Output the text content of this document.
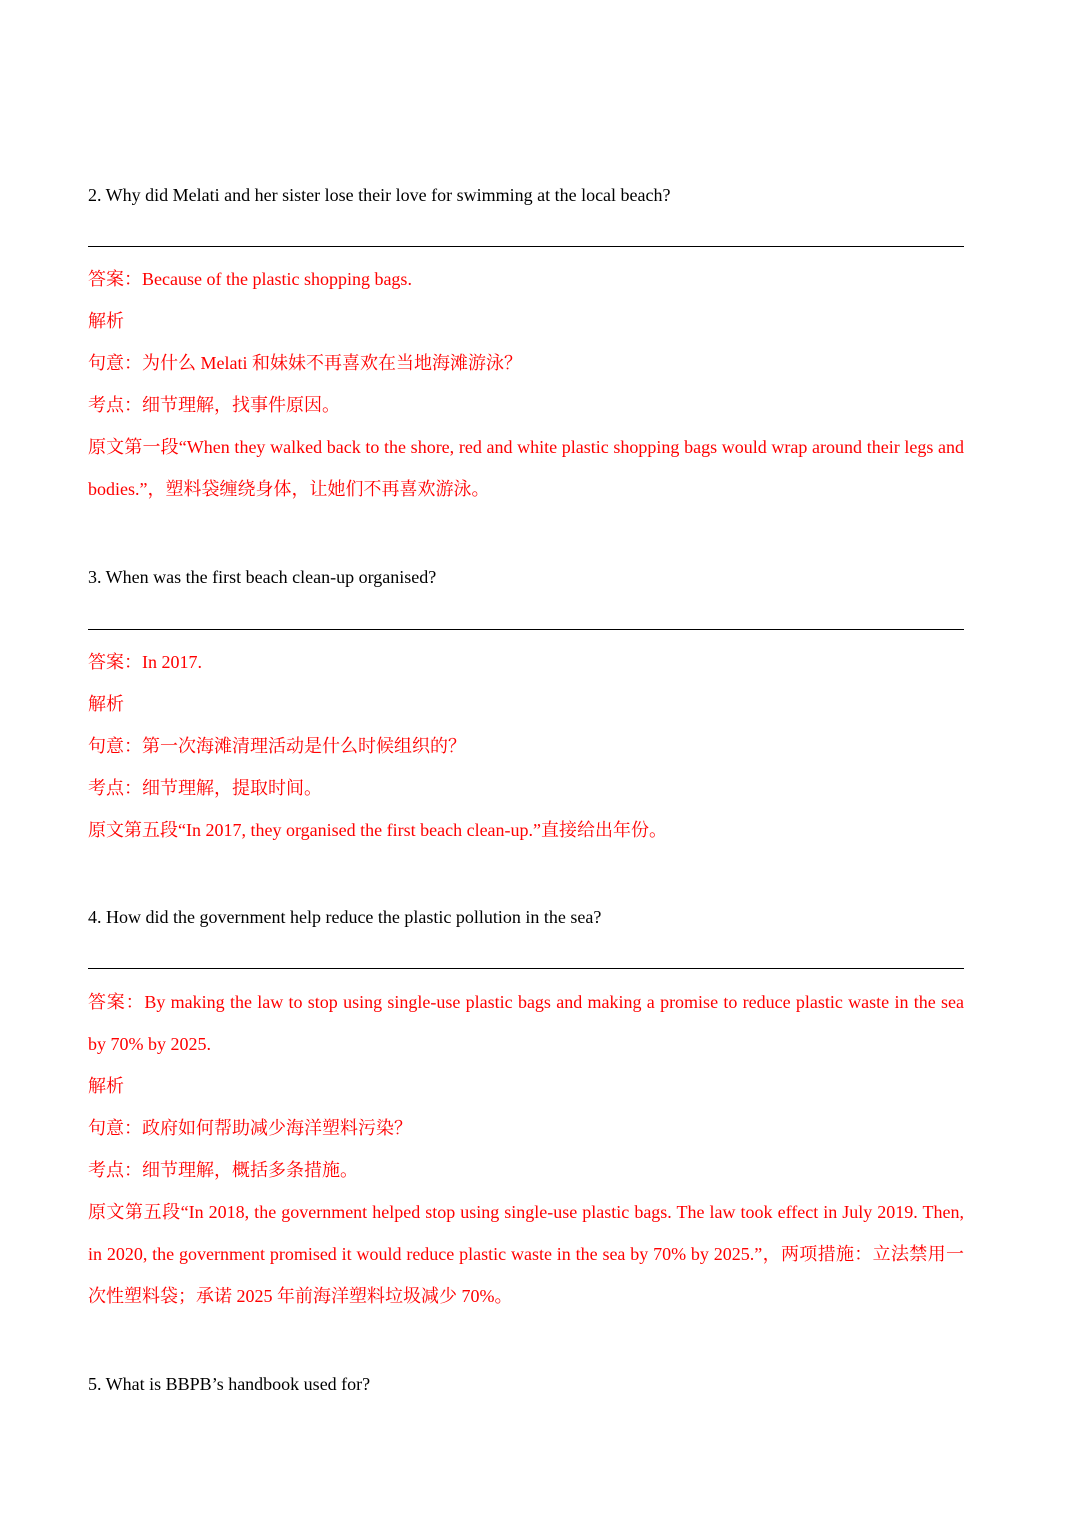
2. Why did Melati and her sister lose their love for swimming at the local beach?

答案：Because of the plastic shopping bags.

解析

句意：为什么 Melati 和妹妹不再喜欢在当地海滩游泳？

考点：细节理解，找事件原因。

原文第一段“When they walked back to the shore, red and white plastic shopping bags would wrap around their legs and bodies.”，塑料袋缠绕身体，让她们不再喜欢游泳。

3. When was the first beach clean-up organised?

答案：In 2017.

解析

句意：第一次海滩清理活动是什么时候组织的？

考点：细节理解，提取时间。

原文第五段“In 2017, they organised the first beach clean-up.”直接给出年份。

4. How did the government help reduce the plastic pollution in the sea?

答案：By making the law to stop using single-use plastic bags and making a promise to reduce plastic waste in the sea by 70% by 2025.

解析

句意：政府如何帮助减少海洋塑料污染？

考点：细节理解，概括多条措施。

原文第五段“In 2018, the government helped stop using single-use plastic bags. The law took effect in July 2019. Then, in 2020, the government promised it would reduce plastic waste in the sea by 70% by 2025.”，两项措施：立法禁用一次性塑料袋；承诺 2025 年前海洋塑料垃圾减少 70%。

5. What is BBPB’s handbook used for?
